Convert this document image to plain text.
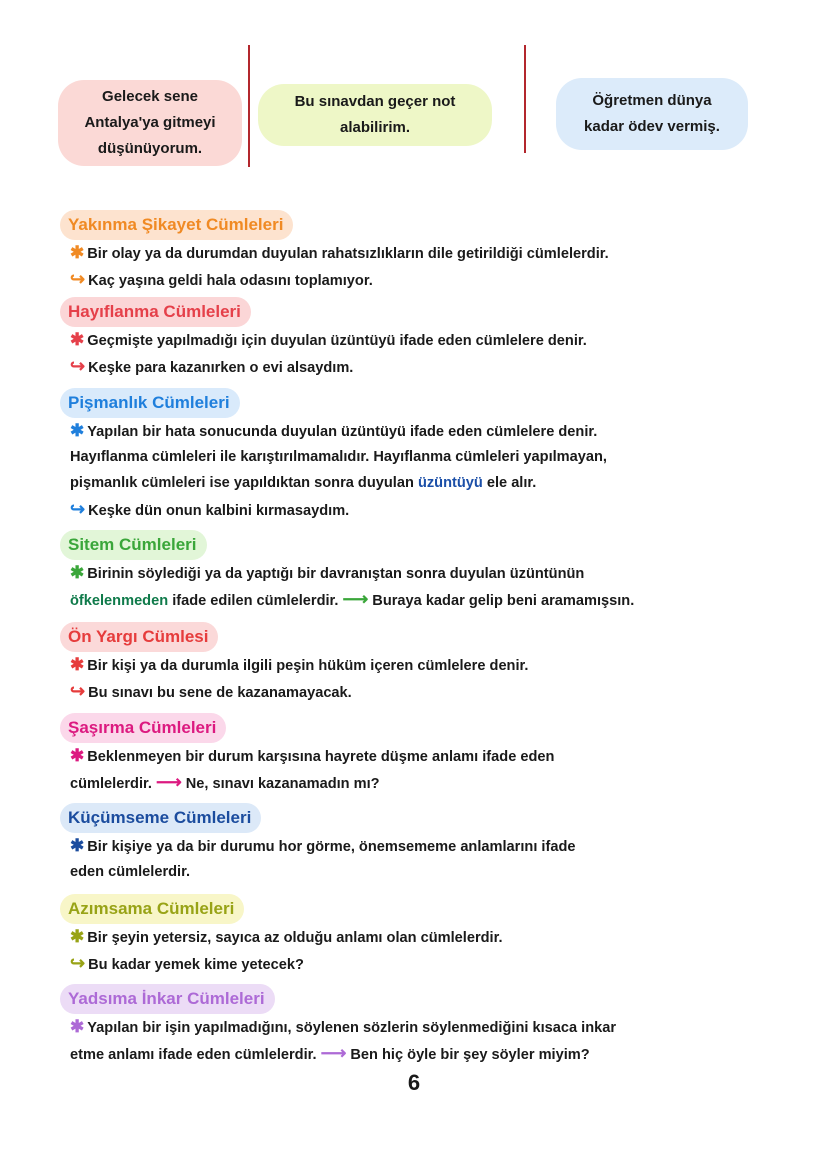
Gelecek sene
Antalya'ya gitmeyi
düşünüyorum.
Bu sınavdan geçer not
alabilirim.
Öğretmen dünya
kadar ödev vermiş.
Yakınma Şikayet Cümleleri
✱ Bir olay ya da durumdan duyulan rahatsızlıkların dile getirildiği cümlelerdir.
↪ Kaç yaşına geldi hala odasını toplamıyor.
Hayıflanma Cümleleri
✱ Geçmişte yapılmadığı için duyulan üzüntüyü ifade eden cümlelere denir.
↪ Keşke para kazanırken o evi alsaydım.
Pişmanlık Cümleleri
✱ Yapılan bir hata sonucunda duyulan üzüntüyü ifade eden cümlelere denir.
Hayıflanma cümleleri ile karıştırılmamalıdır. Hayıflanma cümleleri yapılmayan,
pişmanlık cümleleri ise yapıldıktan sonra duyulan üzüntüyü ele alır.
↪ Keşke dün onun kalbini kırmasaydım.
Sitem Cümleleri
✱ Birinin söylediği ya da yaptığı bir davranıştan sonra duyulan üzüntünün
öfkelenmeden ifade edilen cümlelerdir. ⟶ Buraya kadar gelip beni aramamışsın.
Ön Yargı Cümlesi
✱ Bir kişi ya da durumla ilgili peşin hüküm içeren cümlelere denir.
↪ Bu sınavı bu sene de kazanamayacak.
Şaşırma Cümleleri
✱ Beklenmeyen bir durum karşısına hayrete düşme anlamı ifade eden
cümlelerdir. ⟶ Ne, sınavı kazanamadın mı?
Küçümseme Cümleleri
✱ Bir kişiye ya da bir durumu hor görme, önemsememe anlamlarını ifade
eden cümlelerdir.
Azımsama Cümleleri
✱ Bir şeyin yetersiz, sayıca az olduğu anlamı olan cümlelerdir.
↪ Bu kadar yemek kime yetecek?
Yadsıma İnkar Cümleleri
✱ Yapılan bir işin yapılmadığını, söylenen sözlerin söylenmediğini kısaca inkar
etme anlamı ifade eden cümlelerdir. ⟶ Ben hiç öyle bir şey söyler miyim?
6
